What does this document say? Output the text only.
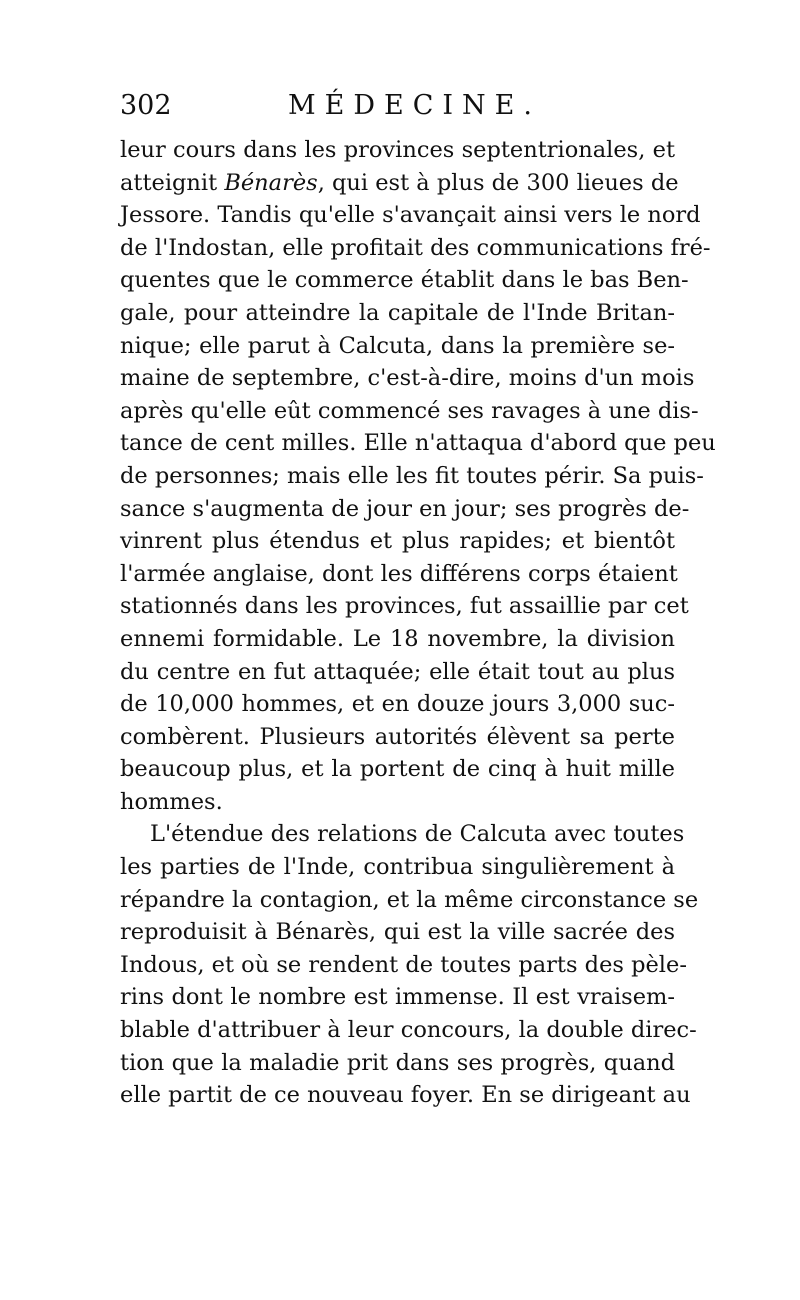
302	MÉDECINE.
leur cours dans les provinces septentrionales, et
atteignit Bénarès, qui est à plus de 300 lieues de
Jessore. Tandis qu'elle s'avançait ainsi vers le nord
de l'Indostan, elle profitait des communications fré-
quentes que le commerce établit dans le bas Ben-
gale, pour atteindre la capitale de l'Inde Britan-
nique; elle parut à Calcuta, dans la première se-
maine de septembre, c'est-à-dire, moins d'un mois
après qu'elle eût commencé ses ravages à une dis-
tance de cent milles. Elle n'attaqua d'abord que peu
de personnes; mais elle les fit toutes périr. Sa puis-
sance s'augmenta de jour en jour; ses progrès de-
vinrent plus étendus et plus rapides; et bientôt
l'armée anglaise, dont les différens corps étaient
stationnés dans les provinces, fut assaillie par cet
ennemi formidable. Le 18 novembre, la division
du centre en fut attaquée; elle était tout au plus
de 10,000 hommes, et en douze jours 3,000 suc-
combèrent. Plusieurs autorités élèvent sa perte
beaucoup plus, et la portent de cinq à huit mille
hommes.
L'étendue des relations de Calcuta avec toutes
les parties de l'Inde, contribua singulièrement à
répandre la contagion, et la même circonstance se
reproduisit à Bénarès, qui est la ville sacrée des
Indous, et où se rendent de toutes parts des pèle-
rins dont le nombre est immense. Il est vraisem-
blable d'attribuer à leur concours, la double direc-
tion que la maladie prit dans ses progrès, quand
elle partit de ce nouveau foyer. En se dirigeant au
